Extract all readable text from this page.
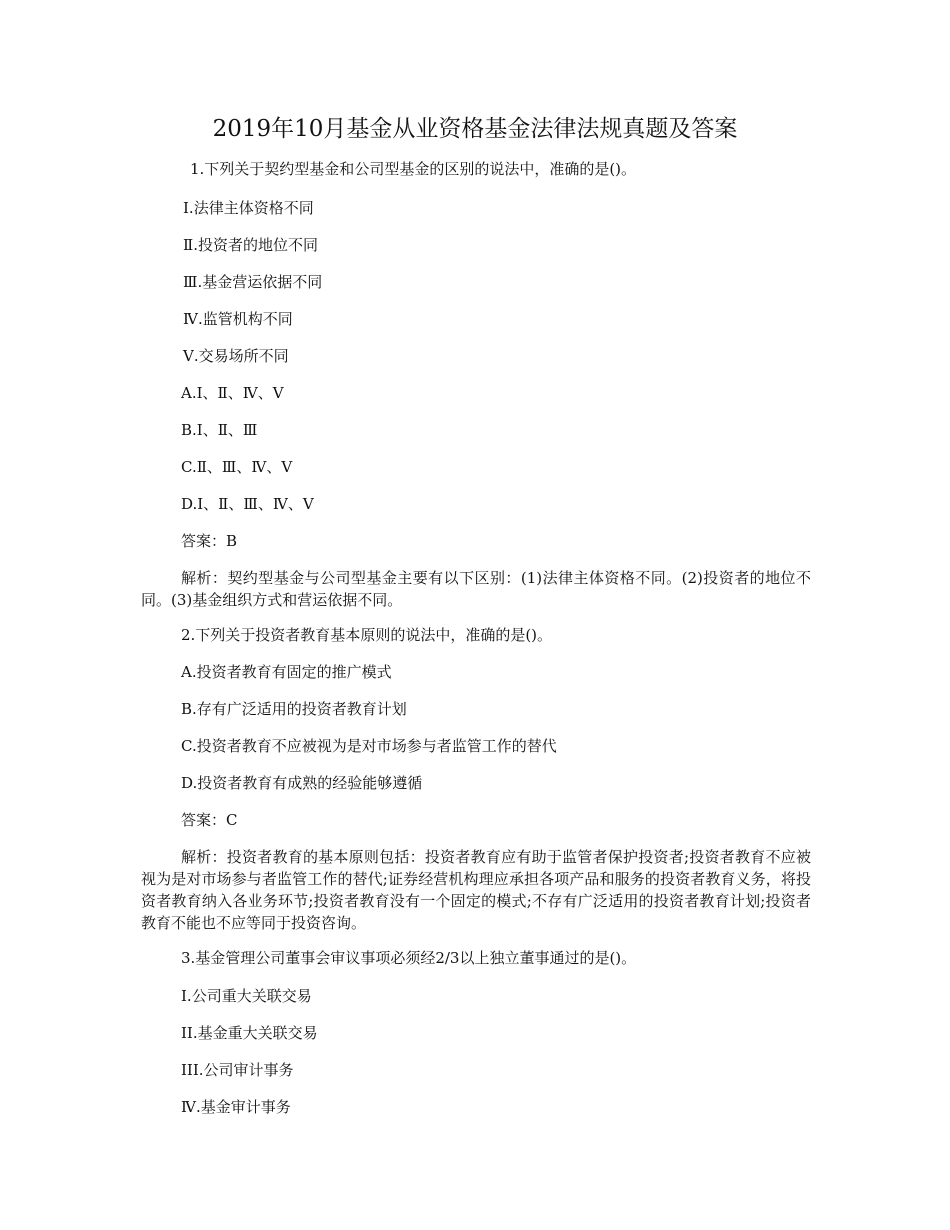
2019年10月基金从业资格基金法律法规真题及答案
1.下列关于契约型基金和公司型基金的区别的说法中，准确的是()。
Ⅰ.法律主体资格不同
Ⅱ.投资者的地位不同
Ⅲ.基金营运依据不同
Ⅳ.监管机构不同
Ⅴ.交易场所不同
A.Ⅰ、Ⅱ、Ⅳ、Ⅴ
B.Ⅰ、Ⅱ、Ⅲ
C.Ⅱ、Ⅲ、Ⅳ、Ⅴ
D.Ⅰ、Ⅱ、Ⅲ、Ⅳ、Ⅴ
答案：B
解析：契约型基金与公司型基金主要有以下区别：(1)法律主体资格不同。(2)投资者的地位不同。(3)基金组织方式和营运依据不同。
2.下列关于投资者教育基本原则的说法中，准确的是()。
A.投资者教育有固定的推广模式
B.存有广泛适用的投资者教育计划
C.投资者教育不应被视为是对市场参与者监管工作的替代
D.投资者教育有成熟的经验能够遵循
答案：C
解析：投资者教育的基本原则包括：投资者教育应有助于监管者保护投资者;投资者教育不应被视为是对市场参与者监管工作的替代;证券经营机构理应承担各项产品和服务的投资者教育义务，将投资者教育纳入各业务环节;投资者教育没有一个固定的模式;不存有广泛适用的投资者教育计划;投资者教育不能也不应等同于投资咨询。
3.基金管理公司董事会审议事项必须经2/3以上独立董事通过的是()。
I.公司重大关联交易
II.基金重大关联交易
III.公司审计事务
Ⅳ.基金审计事务
